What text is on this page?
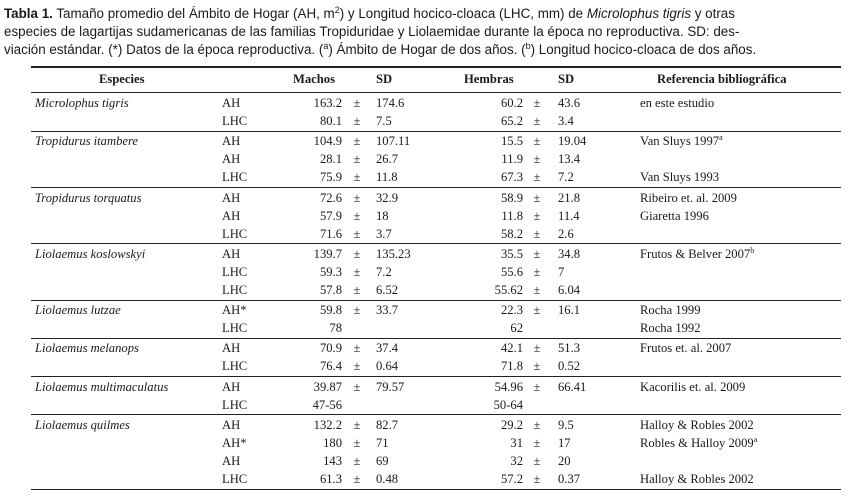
Tabla 1. Tamaño promedio del Ámbito de Hogar (AH, $m^2$) y Longitud hocico-cloaca (LHC, mm) de Microlophus tigris y otras
especies de lagartijas sudamericanas de las familias Tropiduridae y Liolaemidae durante la época no reproductiva. SD: des-
viación estándar. (*) Datos de la época reproductiva. ($^a$) Ámbito de Hogar de dos años. ($^b$) Longitud hocico-cloaca de dos años.
Especies	Machos	SD	Hembras	SD	Referencia bibliográfica
Microlophus tigris	AH	163.2 ± 174.6	60.2 ± 43.6	en este estudio
LHC	80.1 ± 7.5	65.2 ± 3.4
Tropidurus itambere	AH	104.9 ± 107.11	15.5 ± 19.04	Van Sluys 1997$^a$
AH	28.1 ± 26.7	11.9 ± 13.4
LHC	75.9 ± 11.8	67.3 ± 7.2	Van Sluys 1993
Tropidurus torquatus	AH	72.6 ± 32.9	58.9 ± 21.8	Ribeiro et. al. 2009
AH	57.9 ± 18	11.8 ± 11.4	Giaretta 1996
LHC	71.6 ± 3.7	58.2 ± 2.6
Liolaemus koslowskyi	AH	139.7 ± 135.23	35.5 ± 34.8	Frutos & Belver 2007$^b$
LHC	59.3 ± 7.2	55.6 ± 7
LHC	57.8 ± 6.52	55.62 ± 6.04
Liolaemus lutzae	AH*	59.8 ± 33.7	22.3 ± 16.1	Rocha 1999
LHC	78	62	Rocha 1992
Liolaemus melanops	AH	70.9 ± 37.4	42.1 ± 51.3	Frutos et. al. 2007
LHC	76.4 ± 0.64	71.8 ± 0.52
Liolaemus multimaculatus	AH	39.87 ± 79.57	54.96 ± 66.41	Kacorilis et. al. 2009
LHC	47-56	50-64
Liolaemus quilmes	AH	132.2 ± 82.7	29.2 ± 9.5	Halloy & Robles 2002
AH*	180 ± 71	31 ± 17	Robles & Halloy 2009$^a$
AH	143 ± 69	32 ± 20
LHC	61.3 ± 0.48	57.2 ± 0.37	Halloy & Robles 2002
